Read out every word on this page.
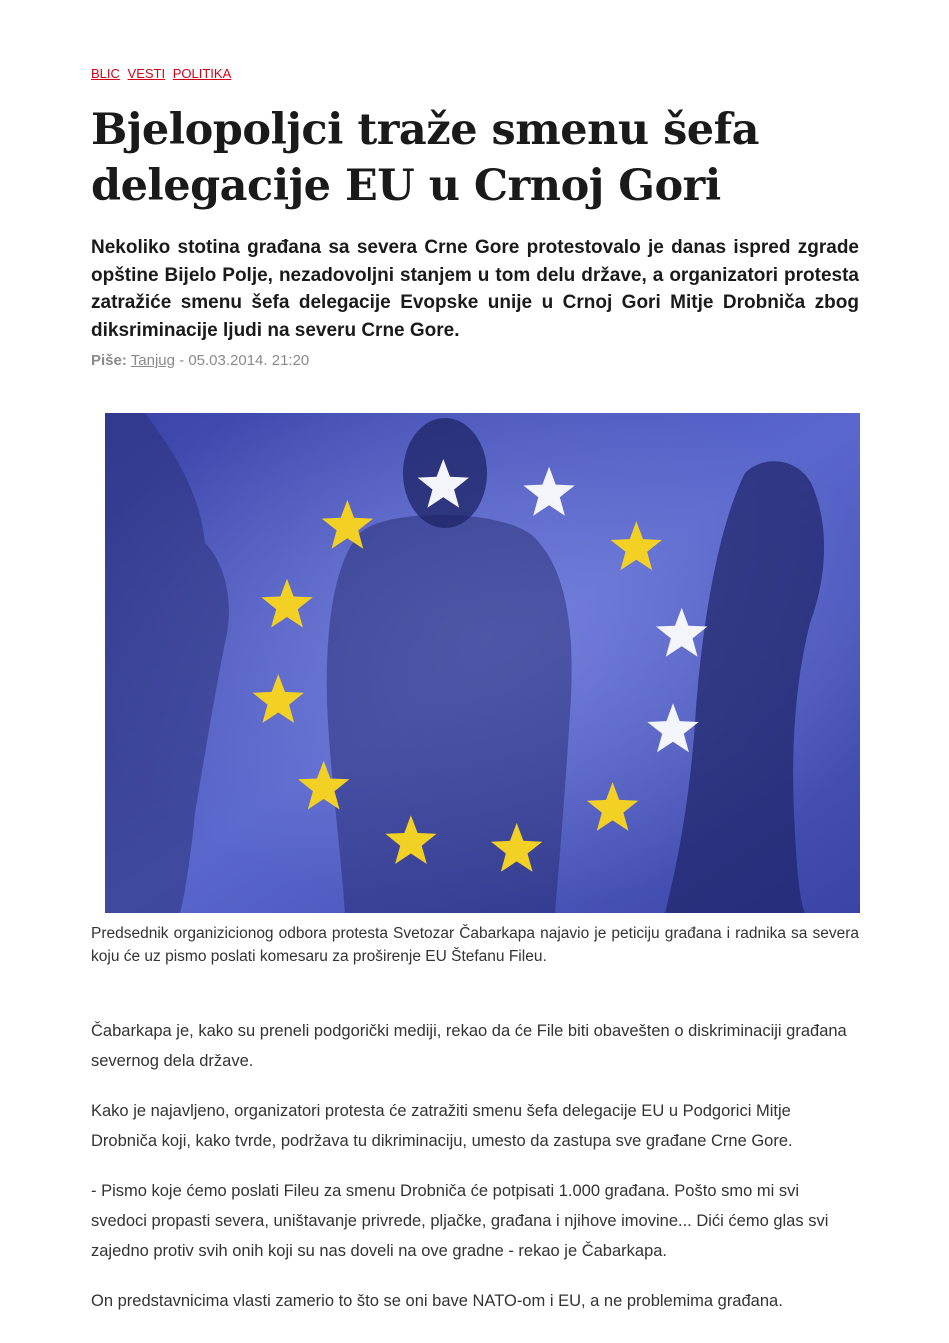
BLIC VESTI POLITIKA
Bjelopoljci traže smenu šefa delegacije EU u Crnoj Gori

Nekoliko stotina građana sa severa Crne Gore protestovalo je danas ispred zgrade opštine Bijelo Polje, nezadovoljni stanjem u tom delu države, a organizatori protesta zatražiće smenu šefa delegacije Evopske unije u Crnoj Gori Mitje Drobniča zbog diksriminacije ljudi na severu Crne Gore.

Piše: Tanjug - 05.03.2014. 21:20

Predsednik organizicionog odbora protesta Svetozar Čabarkapa najavio je peticiju građana i radnika sa severa koju će uz pismo poslati komesaru za proširenje EU Štefanu Fileu.

Čabarkapa je, kako su preneli podgorički mediji, rekao da će File biti obavešten o diskriminaciji građana severnog dela države.

Kako je najavljeno, organizatori protesta će zatražiti smenu šefa delegacije EU u Podgorici Mitje Drobniča koji, kako tvrde, podržava tu dikriminaciju, umesto da zastupa sve građane Crne Gore.

- Pismo koje ćemo poslati Fileu za smenu Drobniča će potpisati 1.000 građana. Pošto smo mi svi svedoci propasti severa, uništavanje privrede, pljačke, građana i njihove imovine... Dići ćemo glas svi zajedno protiv svih onih koji su nas doveli na ove gradne - rekao je Čabarkapa.

On predstavnicima vlasti zamerio to što se oni bave NATO-om i EU, a ne problemima građana.
